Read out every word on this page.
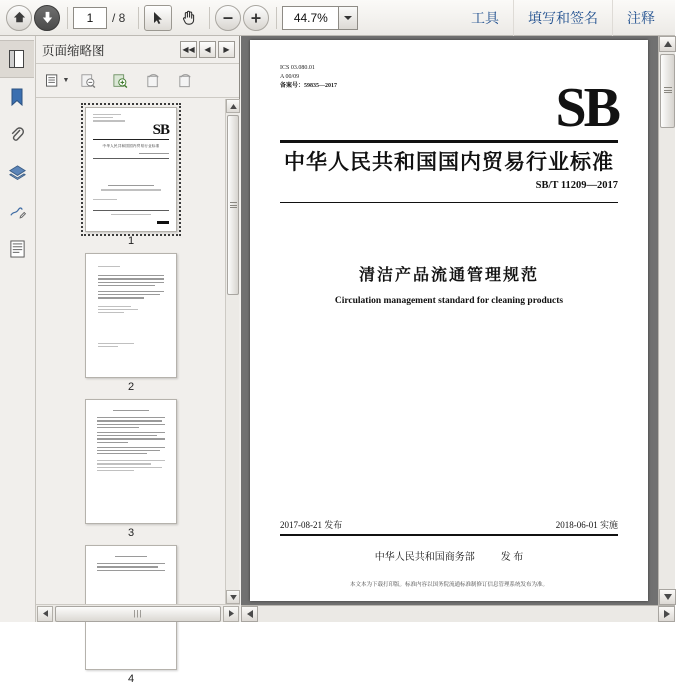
1	/ 8	44.7%	工具	填写和签名	注释
页面缩略图	◀◀	◀	▶
▼
SB
中华人民共和国国内贸易行业标准
1
2
3
4
|||
ICS 03.080.01
A 00/09
备案号：59835—2017	SB
中华人民共和国国内贸易行业标准
SB/T 11209—2017
清洁产品流通管理规范
Circulation management standard for cleaning products
2017-08-21 发布	2018-06-01 实施
中华人民共和国商务部	发 布
本文本为下载打印版。标准内容以国务院流通标准制修订信息管理系统发布为准。
